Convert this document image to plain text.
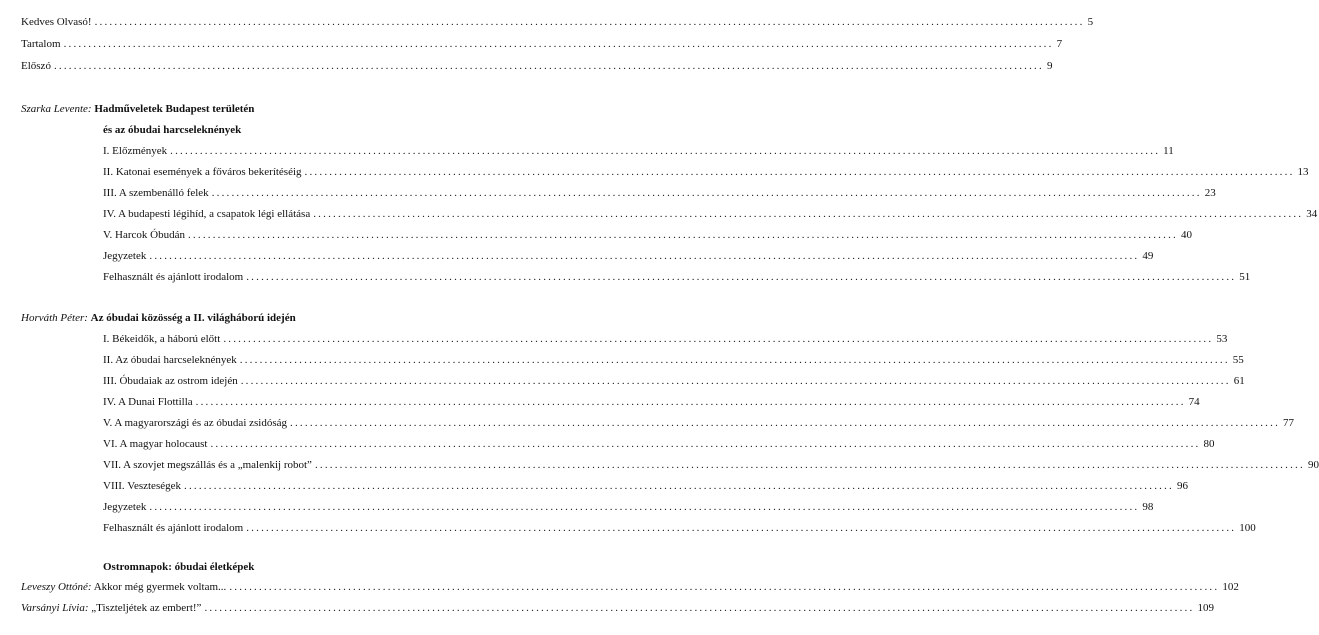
Kedves Olvasó! ........................................................................................................................................................................................................ 5
Tartalom ........................................................................................................................................................................................................ 7
Előszó ........................................................................................................................................................................................................ 9
Szarka Levente: Hadműveletek Budapest területén
és az óbudai harcseleknények
I. Előzmények ........................................................................................................................................................................................................ 11
II. Katonai események a főváros bekerítéséig ........................................................................................................................................................................................................ 13
III. A szembenálló felek ........................................................................................................................................................................................................ 23
IV. A budapesti légihíd, a csapatok légi ellátása ........................................................................................................................................................................................................ 34
V. Harcok Óbudán ........................................................................................................................................................................................................ 40
Jegyzetek ........................................................................................................................................................................................................ 49
Felhasznált és ajánlott irodalom ........................................................................................................................................................................................................ 51
Horváth Péter: Az óbudai közösség a II. világháború idején
I. Békeidők, a háború előtt ........................................................................................................................................................................................................ 53
II. Az óbudai harcseleknények ........................................................................................................................................................................................................ 55
III. Óbudaiak az ostrom idején ........................................................................................................................................................................................................ 61
IV. A Dunai Flottilla ........................................................................................................................................................................................................ 74
V. A magyarországi és az óbudai zsidóság ........................................................................................................................................................................................................ 77
VI. A magyar holocaust ........................................................................................................................................................................................................ 80
VII. A szovjet megszállás és a „malenkij robot” ........................................................................................................................................................................................................ 90
VIII. Veszteségek ........................................................................................................................................................................................................ 96
Jegyzetek ........................................................................................................................................................................................................ 98
Felhasznált és ajánlott irodalom ........................................................................................................................................................................................................ 100
Ostromnapok: óbudai életképek
Leveszy Ottóné: Akkor még gyermek voltam... ........................................................................................................................................................................................................ 102
Varsányi Lívia: „Tiszteljétek az embert!” ........................................................................................................................................................................................................ 109
